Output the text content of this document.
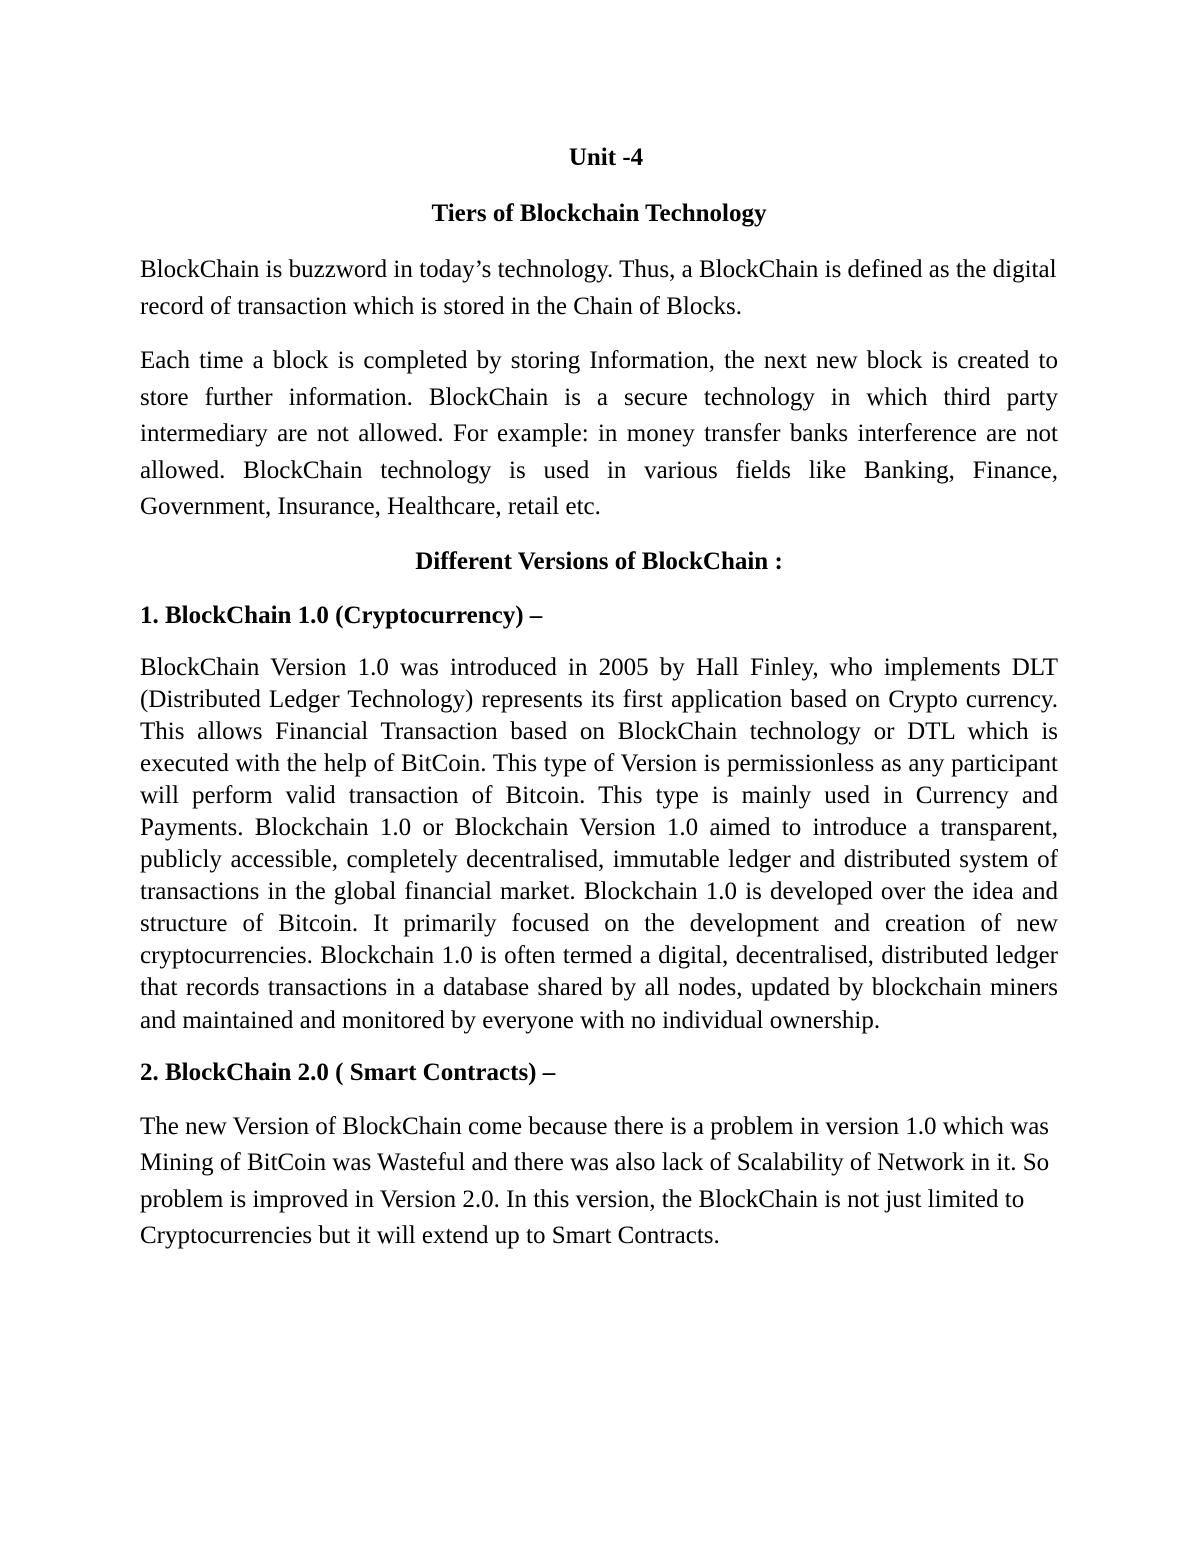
Unit -4

Tiers of Blockchain Technology

BlockChain is buzzword in today’s technology. Thus, a BlockChain is defined as the digital record of transaction which is stored in the Chain of Blocks.

Each time a block is completed by storing Information, the next new block is created to store further information. BlockChain is a secure technology in which third party intermediary are not allowed. For example: in money transfer banks interference are not allowed. BlockChain technology is used in various fields like Banking, Finance, Government, Insurance, Healthcare, retail etc.

Different Versions of BlockChain :

1. BlockChain 1.0 (Cryptocurrency) –

BlockChain Version 1.0 was introduced in 2005 by Hall Finley, who implements DLT (Distributed Ledger Technology) represents its first application based on Crypto currency. This allows Financial Transaction based on BlockChain technology or DTL which is executed with the help of BitCoin. This type of Version is permissionless as any participant will perform valid transaction of Bitcoin. This type is mainly used in Currency and Payments. Blockchain 1.0 or Blockchain Version 1.0 aimed to introduce a transparent, publicly accessible, completely decentralised, immutable ledger and distributed system of transactions in the global financial market. Blockchain 1.0 is developed over the idea and structure of Bitcoin. It primarily focused on the development and creation of new cryptocurrencies. Blockchain 1.0 is often termed a digital, decentralised, distributed ledger that records transactions in a database shared by all nodes, updated by blockchain miners and maintained and monitored by everyone with no individual ownership.

2. BlockChain 2.0 ( Smart Contracts) –

The new Version of BlockChain come because there is a problem in version 1.0 which was Mining of BitCoin was Wasteful and there was also lack of Scalability of Network in it. So problem is improved in Version 2.0. In this version, the BlockChain is not just limited to Cryptocurrencies but it will extend up to Smart Contracts.
